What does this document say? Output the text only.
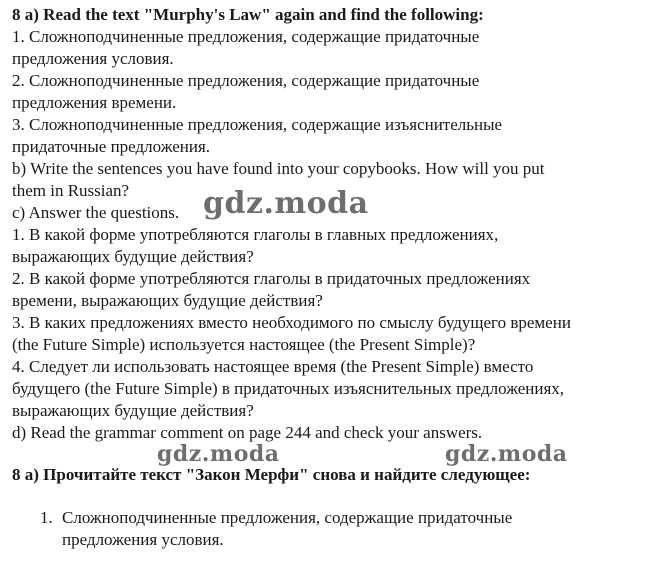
8 a) Read the text "Murphy's Law" again and find the following:
1. Сложноподчиненные предложения, содержащие придаточные
предложения условия.
2. Сложноподчиненные предложения, содержащие придаточные
предложения времени.
3. Сложноподчиненные предложения, содержащие изъяснительные
придаточные предложения.
b) Write the sentences you have found into your copybooks. How will you put
them in Russian?
c) Answer the questions.
1. В какой форме употребляются глаголы в главных предложениях,
выражающих будущие действия?
2. В какой форме употребляются глаголы в придаточных предложениях
времени, выражающих будущие действия?
3. В каких предложениях вместо необходимого по смыслу будущего времени
(the Future Simple) используется настоящее (the Present Simple)?
4. Следует ли использовать настоящее время (the Present Simple) вместо
будущего (the Future Simple) в придаточных изъяснительных предложениях,
выражающих будущие действия?
d) Read the grammar comment on page 244 and check your answers.
8 а) Прочитайте текст "Закон Мерфи" снова и найдите следующее:
1. Сложноподчиненные предложения, содержащие придаточные
предложения условия.
gdz.moda
gdz.moda	gdz.moda
